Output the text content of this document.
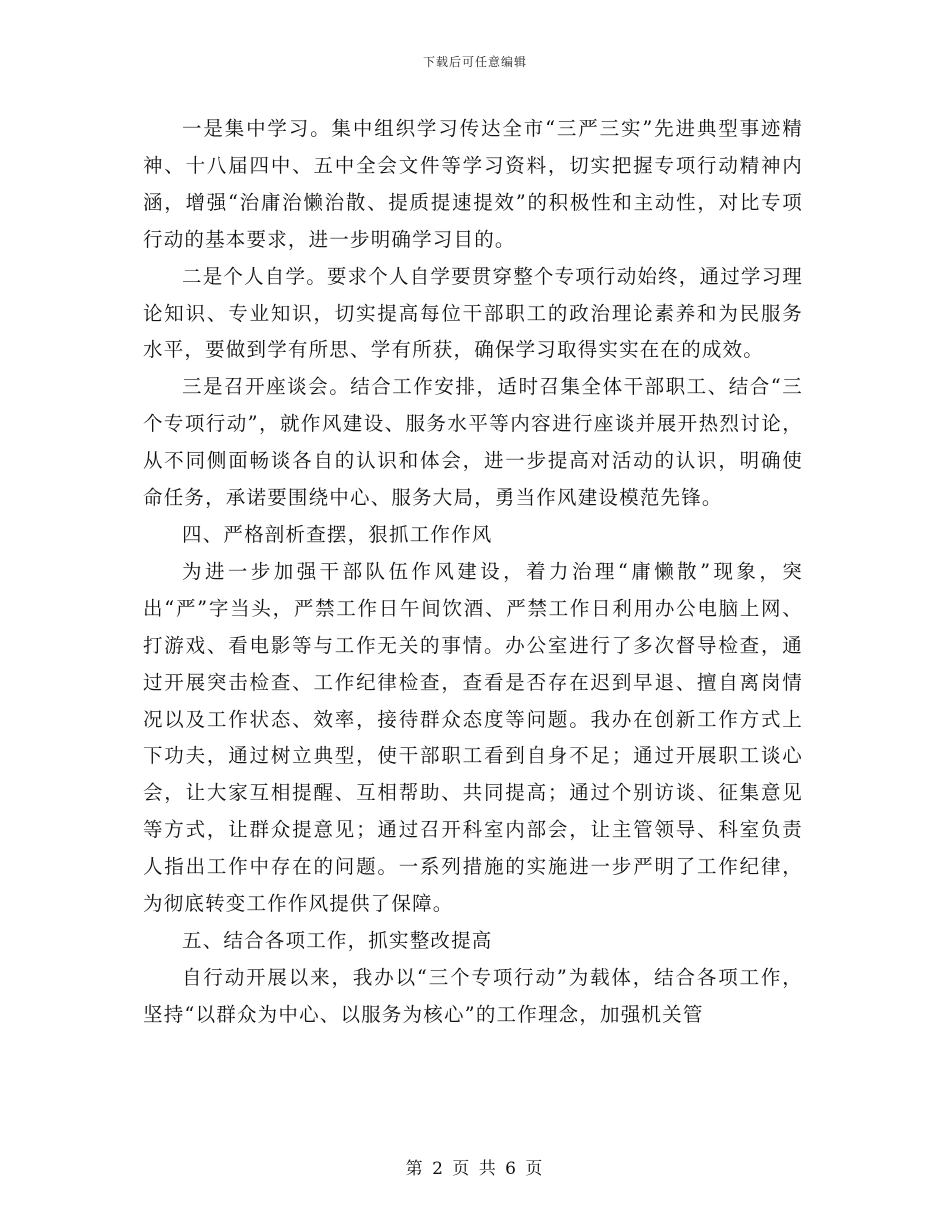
下载后可任意编辑

一是集中学习。集中组织学习传达全市“三严三实”先进典型事迹精神、十八届四中、五中全会文件等学习资料，切实把握专项行动精神内涵，增强“治庸治懒治散、提质提速提效”的积极性和主动性，对比专项行动的基本要求，进一步明确学习目的。

二是个人自学。要求个人自学要贯穿整个专项行动始终，通过学习理论知识、专业知识，切实提高每位干部职工的政治理论素养和为民服务水平，要做到学有所思、学有所获，确保学习取得实实在在的成效。

三是召开座谈会。结合工作安排，适时召集全体干部职工、结合“三个专项行动”，就作风建设、服务水平等内容进行座谈并展开热烈讨论，从不同侧面畅谈各自的认识和体会，进一步提高对活动的认识，明确使命任务，承诺要围绕中心、服务大局，勇当作风建设模范先锋。

四、严格剖析查摆，狠抓工作作风

为进一步加强干部队伍作风建设，着力治理“庸懒散”现象，突出“严”字当头，严禁工作日午间饮酒、严禁工作日利用办公电脑上网、打游戏、看电影等与工作无关的事情。办公室进行了多次督导检查，通过开展突击检查、工作纪律检查，查看是否存在迟到早退、擅自离岗情况以及工作状态、效率，接待群众态度等问题。我办在创新工作方式上下功夫，通过树立典型，使干部职工看到自身不足；通过开展职工谈心会，让大家互相提醒、互相帮助、共同提高；通过个别访谈、征集意见等方式，让群众提意见；通过召开科室内部会，让主管领导、科室负责人指出工作中存在的问题。一系列措施的实施进一步严明了工作纪律，为彻底转变工作作风提供了保障。

五、结合各项工作，抓实整改提高

自行动开展以来，我办以“三个专项行动”为载体，结合各项工作，坚持“以群众为中心、以服务为核心”的工作理念，加强机关管

第 2 页 共 6 页
